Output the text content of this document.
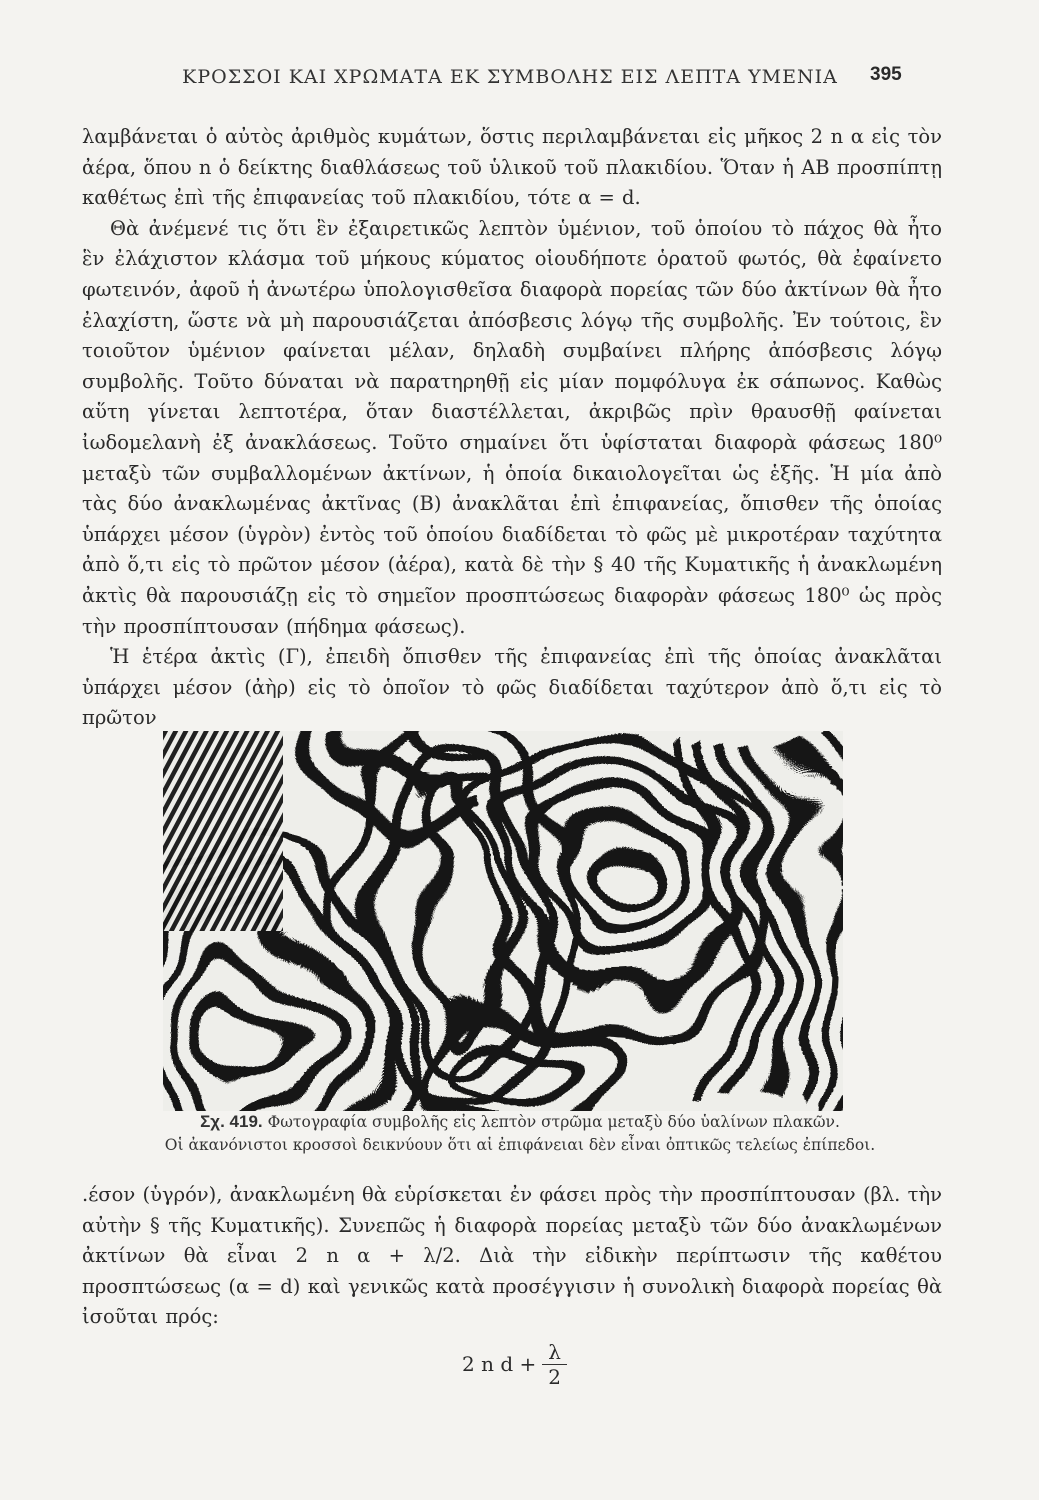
ΚΡΟΣΣΟΙ ΚΑΙ ΧΡΩΜΑΤΑ ΕΚ ΣΥΜΒΟΛΗΣ ΕΙΣ ΛΕΠΤΑ ΥΜΕΝΙΑ	395

λαμβάνεται ὁ αὐτὸς ἀριθμὸς κυμάτων, ὅστις περιλαμβάνεται εἰς μῆκος 2 n α εἰς τὸν ἀέρα, ὅπου n ὁ δείκτης διαθλάσεως τοῦ ὑλικοῦ τοῦ πλακιδίου. Ὅταν ἡ ΑΒ προσπίπτῃ καθέτως ἐπὶ τῆς ἐπιφανείας τοῦ πλακιδίου, τότε α = d.

Θὰ ἀνέμενέ τις ὅτι ἓν ἐξαιρετικῶς λεπτὸν ὑμένιον, τοῦ ὁποίου τὸ πάχος θὰ ἦτο ἓν ἐλάχιστον κλάσμα τοῦ μήκους κύματος οἱουδήποτε ὁρατοῦ φωτός, θὰ ἐφαίνετο φωτεινόν, ἀφοῦ ἡ ἀνωτέρω ὑπολογισθεῖσα διαφορὰ πορείας τῶν δύο ἀκτίνων θὰ ἦτο ἐλαχίστη, ὥστε νὰ μὴ παρουσιάζεται ἀπόσβεσις λόγῳ τῆς συμβολῆς. Ἐν τούτοις, ἓν τοιοῦτον ὑμένιον φαίνεται μέλαν, δηλαδὴ συμβαίνει πλήρης ἀπόσβεσις λόγῳ συμβολῆς. Τοῦτο δύναται νὰ παρατηρηθῇ εἰς μίαν πομφόλυγα ἐκ σάπωνος. Καθὼς αὕτη γίνεται λεπτοτέρα, ὅταν διαστέλλεται, ἀκριβῶς πρὶν θραυσθῇ φαίνεται ἰωδομελανὴ ἐξ ἀνακλάσεως. Τοῦτο σημαίνει ὅτι ὑφίσταται διαφορὰ φάσεως 180⁰ μεταξὺ τῶν συμβαλλομένων ἀκτίνων, ἡ ὁποία δικαιολογεῖται ὡς ἑξῆς. Ἡ μία ἀπὸ τὰς δύο ἀνακλωμένας ἀκτῖνας (Β) ἀνακλᾶται ἐπὶ ἐπιφανείας, ὄπισθεν τῆς ὁποίας ὑπάρχει μέσον (ὑγρὸν) ἐντὸς τοῦ ὁποίου διαδίδεται τὸ φῶς μὲ μικροτέραν ταχύτητα ἀπὸ ὅ,τι εἰς τὸ πρῶτον μέσον (ἀέρα), κατὰ δὲ τὴν § 40 τῆς Κυματικῆς ἡ ἀνακλωμένη ἀκτὶς θὰ παρουσιάζῃ εἰς τὸ σημεῖον προσπτώσεως διαφορὰν φάσεως 180⁰ ὡς πρὸς τὴν προσπίπτουσαν (πήδημα φάσεως).

Ἡ ἑτέρα ἀκτὶς (Γ), ἐπειδὴ ὄπισθεν τῆς ἐπιφανείας ἐπὶ τῆς ὁποίας ἀνακλᾶται ὑπάρχει μέσον (ἀὴρ) εἰς τὸ ὁποῖον τὸ φῶς διαδίδεται ταχύτερον ἀπὸ ὅ,τι εἰς τὸ πρῶτον

Σχ. 419. Φωτογραφία συμβολῆς εἰς λεπτὸν στρῶμα μεταξὺ δύο ὑαλίνων πλακῶν.
Οἱ ἀκανόνιστοι κροσσοὶ δεικνύουν ὅτι αἱ ἐπιφάνειαι δὲν εἶναι ὀπτικῶς τελείως ἐπίπεδοι.

.έσον (ὑγρόν), ἀνακλωμένη θὰ εὑρίσκεται ἐν φάσει πρὸς τὴν προσπίπτουσαν (βλ. τὴν αὐτὴν § τῆς Κυματικῆς). Συνεπῶς ἡ διαφορὰ πορείας μεταξὺ τῶν δύο ἀνακλωμένων ἀκτίνων θὰ εἶναι 2 n α + λ/2. Διὰ τὴν εἰδικὴν περίπτωσιν τῆς καθέτου προσπτώσεως (α = d) καὶ γενικῶς κατὰ προσέγγισιν ἡ συνολικὴ διαφορὰ πορείας θὰ ἰσοῦται πρός:

2 n $d + \frac{\lambda}{2}$
